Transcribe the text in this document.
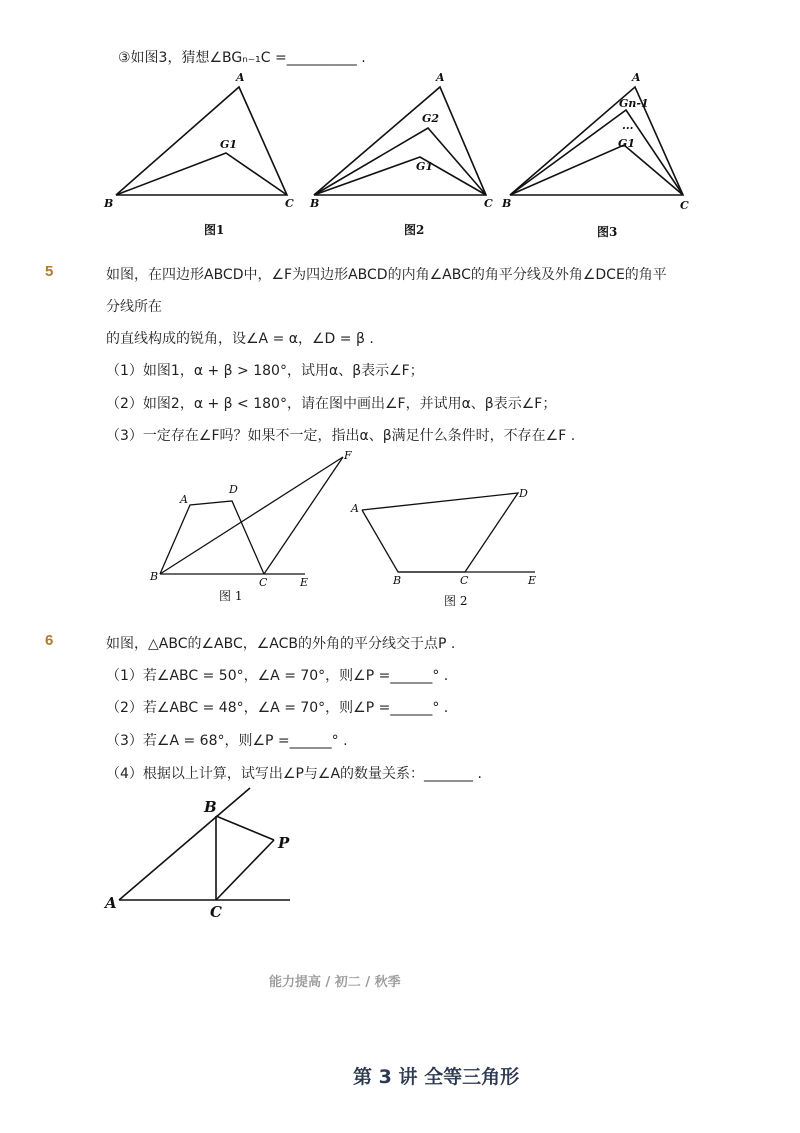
③如图3，猜想∠BGₙ₋₁C =__________ .
A
B	C
G1
A
B	C
G2
G1
A
B	C
Gn-1
...
G1
图1	图2	图3
5	如图，在四边形ABCD中，∠F为四边形ABCD的内角∠ABC的角平分线及外角∠DCE的角平
分线所在
的直线构成的锐角，设∠A = α，∠D = β .
（1）如图1，α + β > 180°，试用α、β表示∠F；
（2）如图2，α + β < 180°，请在图中画出∠F，并试用α、β表示∠F；
（3）一定存在∠F吗？如果不一定，指出α、β满足什么条件时，不存在∠F .
A
D
B	C	E
F
A
D
B	C	E
图 1	图 2
6	如图，△ABC的∠ABC，∠ACB的外角的平分线交于点P .
（1）若∠ABC = 50°，∠A = 70°，则∠P =______° .
（2）若∠ABC = 48°，∠A = 70°，则∠P =______° .
（3）若∠A = 68°，则∠P =______° .
（4）根据以上计算，试写出∠P与∠A的数量关系：_______ .
A
B
C
P
能力提高 / 初二 / 秋季
第 3 讲 全等三角形
